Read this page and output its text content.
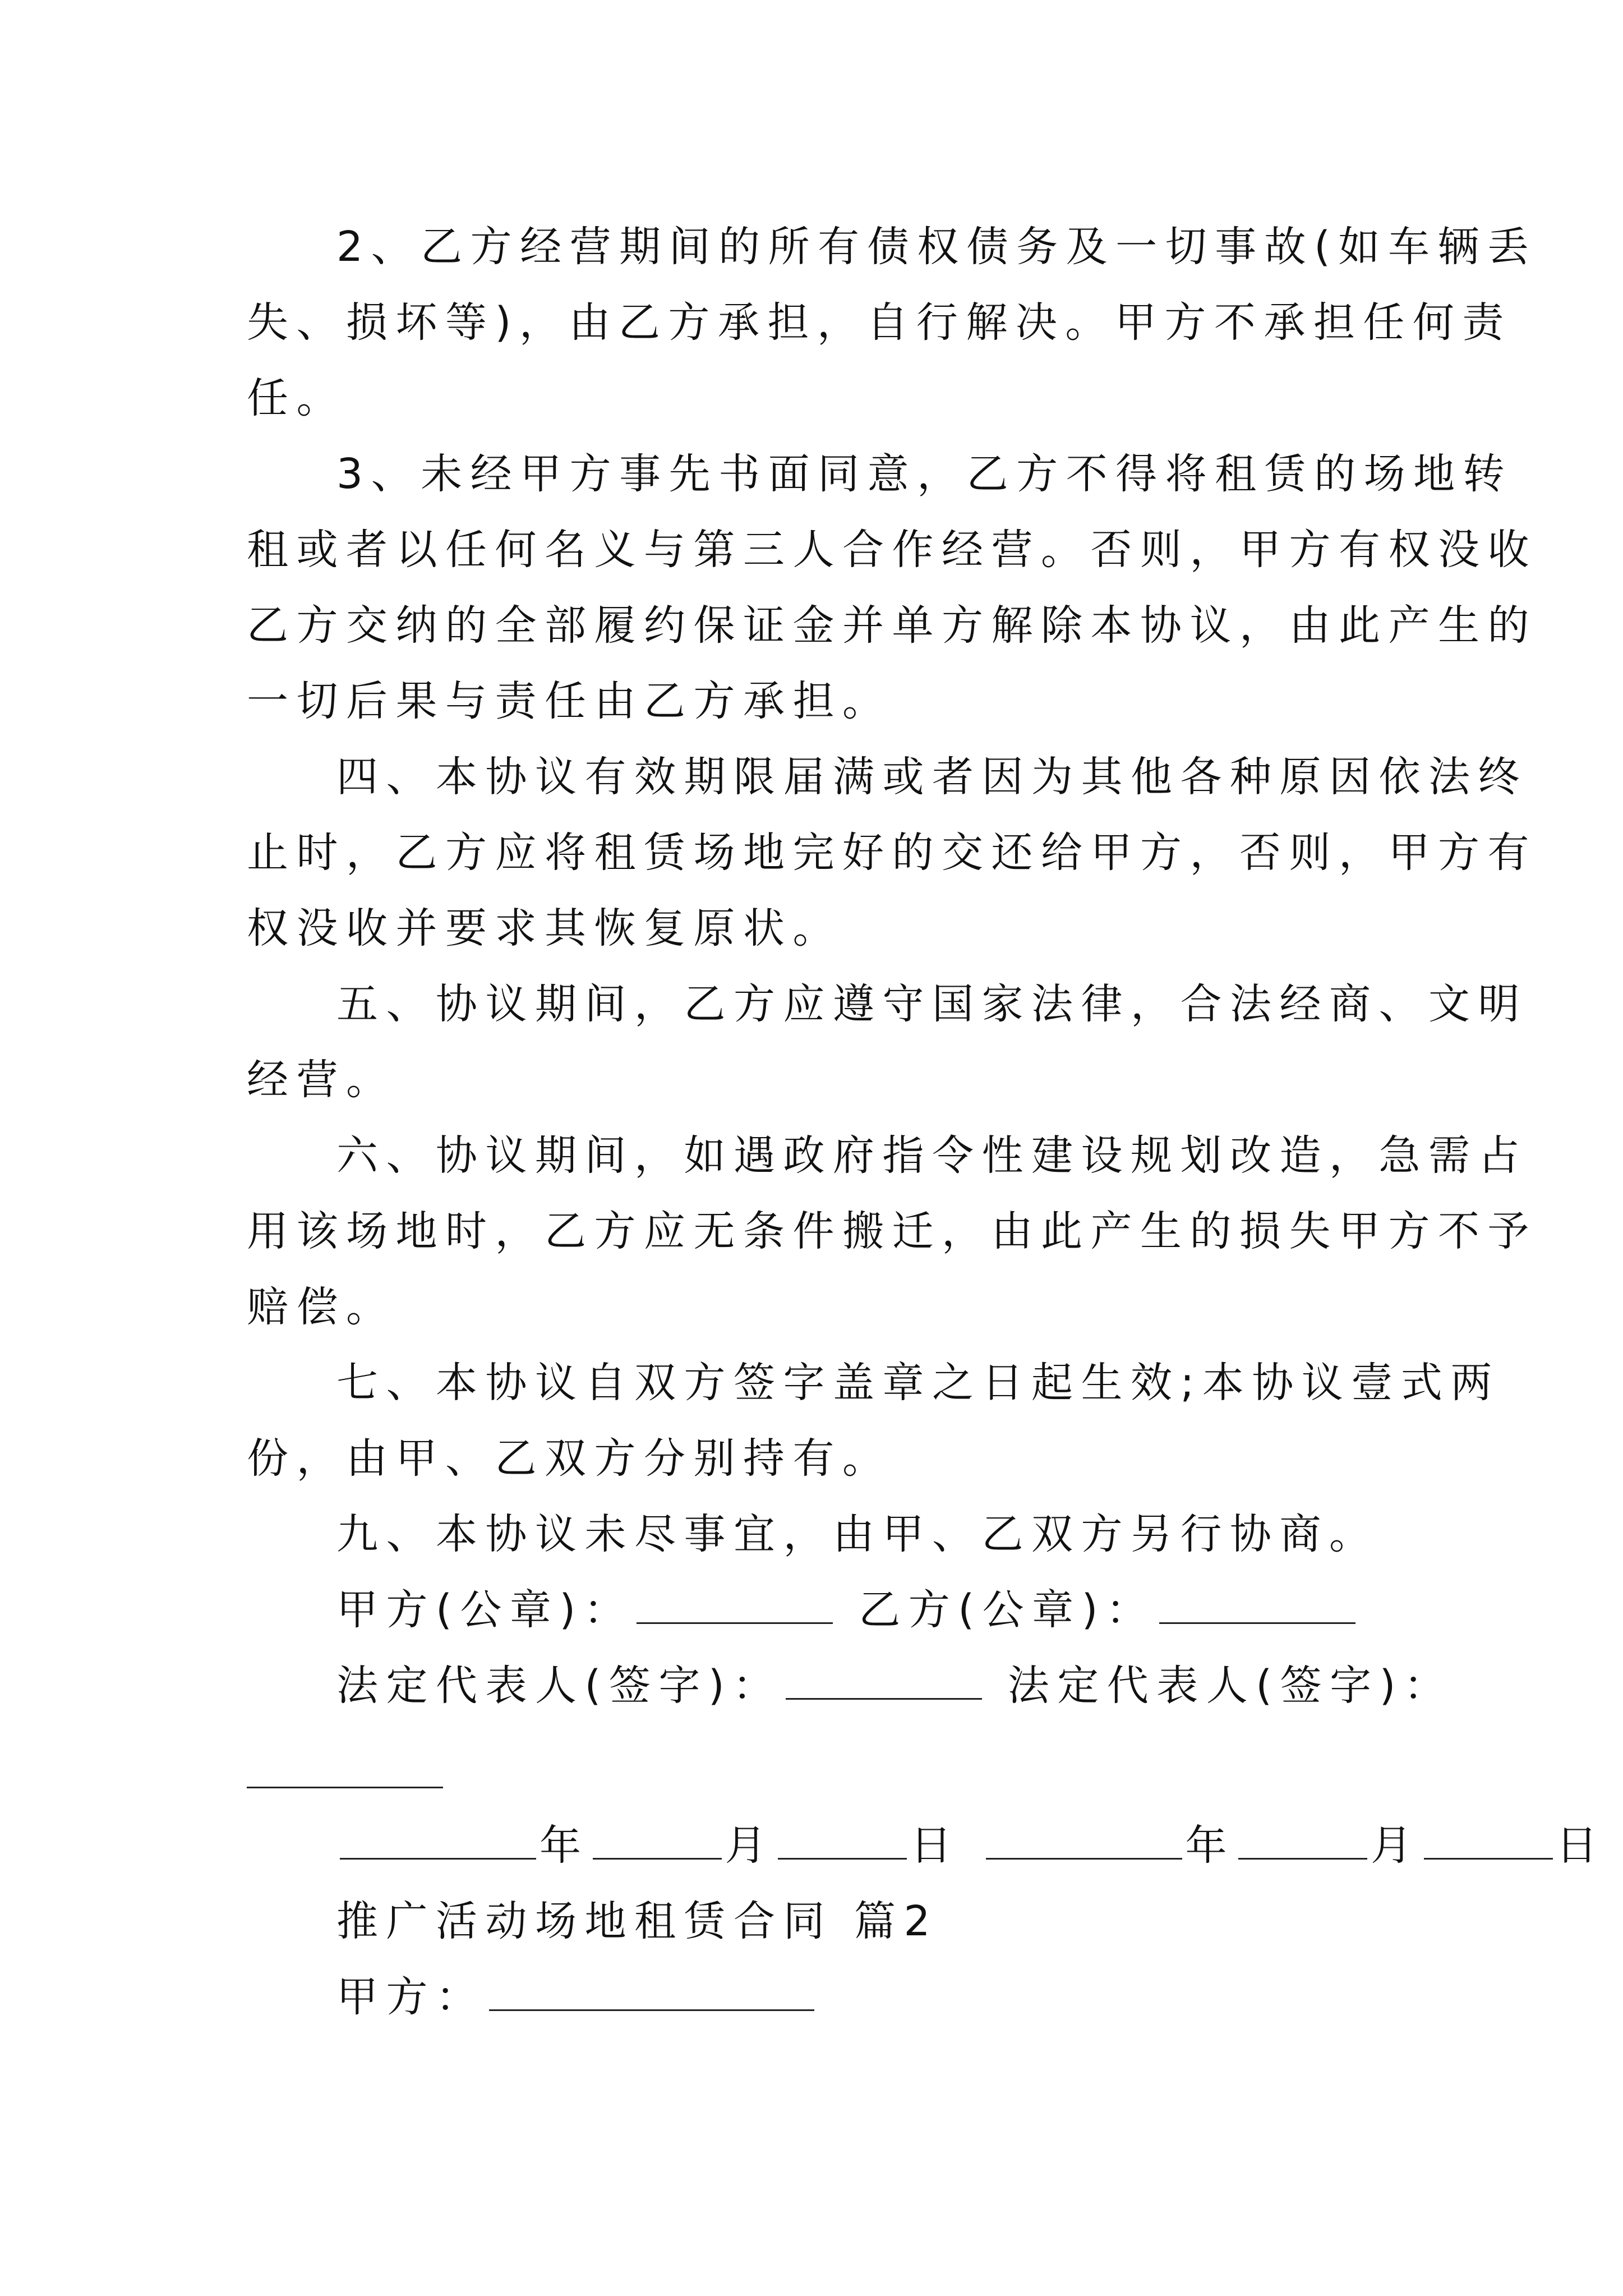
2、乙方经营期间的所有债权债务及一切事故(如车辆丢
失、损坏等)，由乙方承担，自行解决。甲方不承担任何责
任。
3、未经甲方事先书面同意，乙方不得将租赁的场地转
租或者以任何名义与第三人合作经营。否则，甲方有权没收
乙方交纳的全部履约保证金并单方解除本协议，由此产生的
一切后果与责任由乙方承担。
四、本协议有效期限届满或者因为其他各种原因依法终
止时，乙方应将租赁场地完好的交还给甲方，否则，甲方有
权没收并要求其恢复原状。
五、协议期间，乙方应遵守国家法律，合法经商、文明
经营。
六、协议期间，如遇政府指令性建设规划改造，急需占
用该场地时，乙方应无条件搬迁，由此产生的损失甲方不予
赔偿。
七、本协议自双方签字盖章之日起生效;本协议壹式两
份，由甲、乙双方分别持有。
九、本协议未尽事宜，由甲、乙双方另行协商。
甲方(公章)：	乙方(公章)：
法定代表人(签字)：	法定代表人(签字)：
年	月	日	年	月	日
推广活动场地租赁合同 篇2
甲方：
